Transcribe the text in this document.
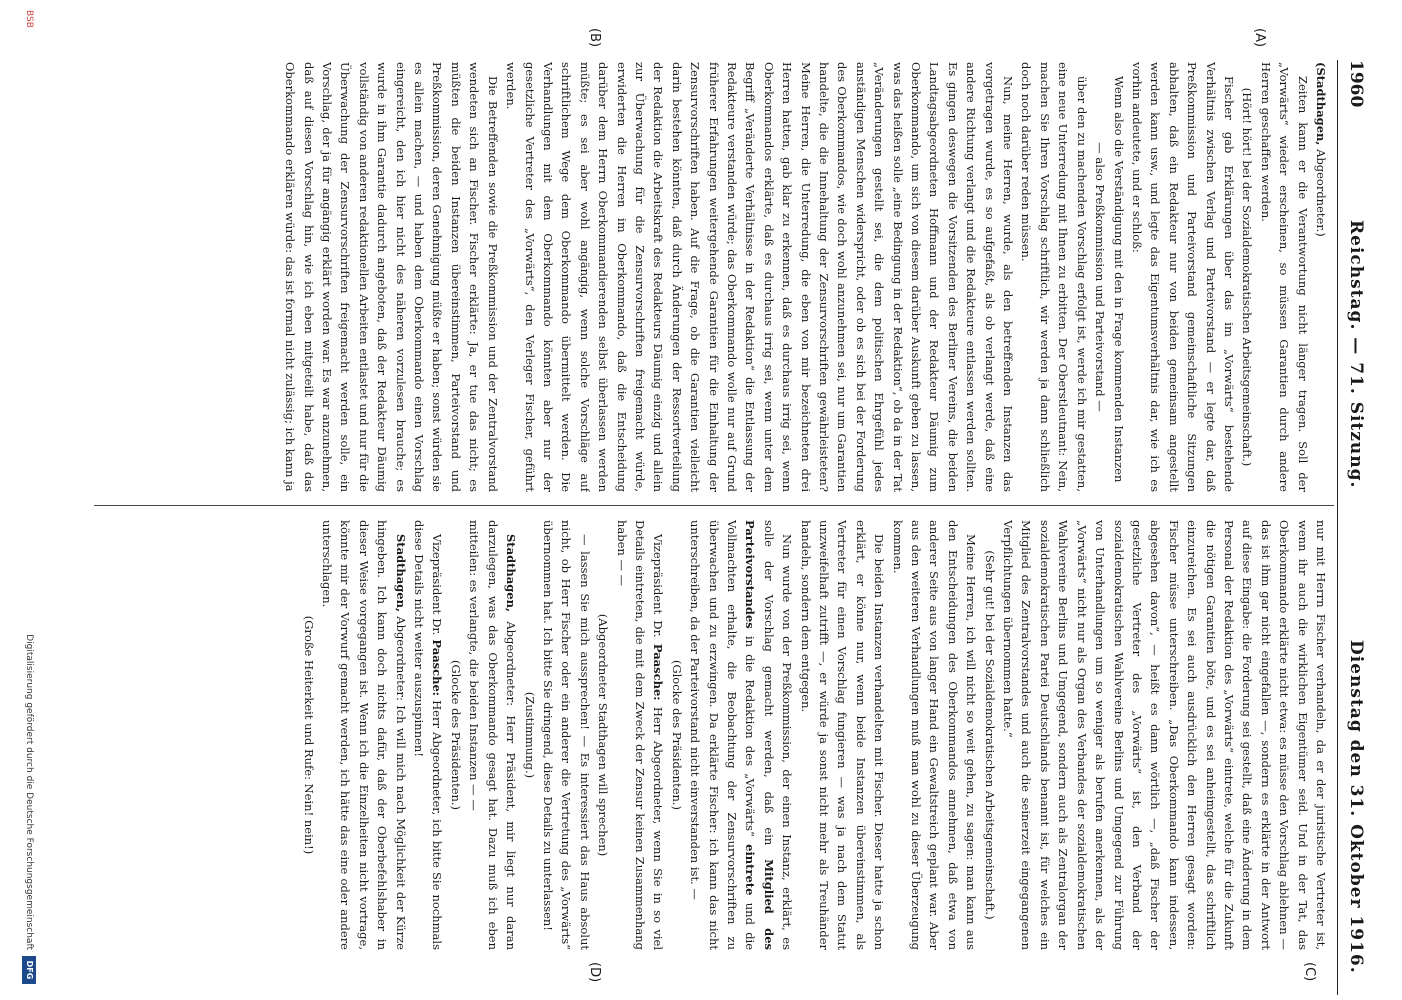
1960
Reichstag. — 71. Sitzung.
Dienstag den 31. Oktober 1916.
(A)
(B)
(C)
(D)

(Stadthagen, Abgeordneter.)

Zeiten kann er die Verantwortung nicht länger tragen. Soll der „Vorwärts“ wieder erscheinen, so müssen Garantien durch andere Herren geschaffen werden.

(Hört! hört! bei der Sozialdemokratischen Arbeitsgemeinschaft.)

Fischer gab Erklärungen über das im „Vorwärts“ bestehende Verhältnis zwischen Verlag und Parteivorstand — er legte dar, daß Preßkommission und Parteivorstand gemeinschaftliche Sitzungen abhalten, daß ein Redakteur nur von beiden gemeinsam angestellt werden kann usw., und legte das Eigentumsverhältnis dar, wie ich es vorhin andeutete, und er schloß:

Wenn also die Verständigung mit den in Frage kommenden Instanzen

— also Preßkommission und Parteivorstand —

über den zu machenden Vorschlag erfolgt ist, werde ich mir gestatten, eine neue Unterredung mit Ihnen zu erbitten. Der Oberstleutnant: Nein, machen Sie Ihren Vorschlag schriftlich, wir werden ja dann schließlich doch noch darüber reden müssen.

Nun, meine Herren, wurde, als den betreffenden Instanzen das vorgetragen wurde, es so aufgefaßt, als ob verlangt werde, daß eine andere Richtung verlangt und die Redakteure entlassen werden sollten. Es gingen deswegen die Vorsitzenden des Berliner Vereins, die beiden Landtagsabgeordneten Hoffmann und der Redakteur Däumig zum Oberkommando, um sich von diesem darüber Auskunft geben zu lassen, was das heißen solle „eine Bedingung in der Redaktion“, ob da in der Tat „Veränderungen gestellt sei, die dem politischen Ehrgefühl jedes anständigen Menschen widerspricht, oder ob es sich bei der Forderung des Oberkommandos, wie doch wohl anzunehmen sei, nur um Garantien handelte, die die Innehaltung der Zensurvorschriften gewährleisteten? Meine Herren, die Unterredung, die eben von mir bezeichneten drei Herren hatten, gab klar zu erkennen, daß es durchaus irrig sei, wenn Oberkommandos erklärte, daß es durchaus irrig sei, wenn unter dem Begriff „Veränderte Verhältnisse in der Redaktion“ die Entlassung der Redakteure verstanden würde; das Oberkommando wolle nur auf Grund früherer Erfahrungen weitergehende Garantien für die Einhaltung der Zensurvorschriften haben. Auf die Frage, ob die Garantien vielleicht darin bestehen könnten, daß durch Änderungen der Ressortverteilung der Redaktion die Arbeitskraft des Redakteurs Däumig einzig und allein zur Überwachung für die Zensurvorschriften freigemacht würde, erwiderten die Herren im Oberkommando, daß die Entscheidung darüber dem Herrn Oberkommandierenden selbst überlassen werden müßte; es sei aber wohl angängig, wenn solche Vorschläge auf schriftlichem Wege dem Oberkommando übermittelt werden. Die Verhandlungen mit dem Oberkommando könnten aber nur der gesetzliche Vertreter des „Vorwärts“, den Verleger Fischer, geführt werden.

Die Betreffenden sowie die Preßkommission und der Zentralvorstand wendeten sich an Fischer. Fischer erklärte: Ja, er tue das nicht; es müßten die beiden Instanzen übereinstimmen, Parteivorstand und Preßkommission, deren Genehmigung müßte er haben; sonst würden sie es allein machen, — und haben dem Oberkommando einen Vorschlag eingereicht, den ich hier nicht des näheren vorzulesen brauche; es wurde in ihm Garantie dadurch angeboten, daß der Redakteur Däumig vollständig von anderen redaktionellen Arbeiten entlastet und nur für die Überwachung der Zensurvorschriften freigemacht werden solle, ein Vorschlag, der ja für angängig erklärt worden war. Es war anzunehmen, daß auf diesen Vorschlag hin, wie ich eben mitgeteilt habe, daß das Oberkommando erklären würde: das ist formal nicht zulässig; ich kann ja

nur mit Herrn Fischer verhandeln, da er der juristische Vertreter ist, wenn ihr auch die wirklichen Eigentümer seid. Und in der Tat, das Oberkommando erklärte nicht etwa: es müsse den Vorschlag ablehnen — das ist ihm gar nicht eingefallen —, sondern es erklärte in der Antwort auf diese Eingabe: die Forderung sei gestellt, daß eine Änderung in dem Personal der Redaktion des „Vorwärts“ eintrete, welche für die Zukunft die nötigen Garantien böte, und es sei anheimgestellt, das schriftlich einzureichen. Es sei auch ausdrücklich den Herren gesagt worden: Fischer müsse unterschreiben. „Das Oberkommando kann indessen, abgesehen davon“, — heißt es dann wörtlich —, „daß Fischer der gesetzliche Vertreter des „Vorwärts“ ist, den Verband der sozialdemokratischen Wahlvereine Berlins und Umgegend zur Führung von Unterhandlungen um so weniger als berufen anerkennen, als der „Vorwärts“ nicht nur als Organ des Verbandes der sozialdemokratischen Wahlvereine Berlins und Umgegend, sondern auch als Zentralorgan der sozialdemokratischen Partei Deutschlands benannt ist, für welches ein Mitglied des Zentralvorstandes und auch die seinerzeit eingegangenen Verpflichtungen übernommen hatte.“

(Sehr gut! bei der Sozialdemokratischen Arbeitsgemeinschaft.)

Meine Herren, ich will nicht so weit gehen, zu sagen: man kann aus den Entscheidungen des Oberkommandos annehmen, daß etwa von anderer Seite aus von langer Hand ein Gewaltstreich geplant war. Aber aus den weiteren Verhandlungen muß man wohl zu dieser Überzeugung kommen.

Die beiden Instanzen verhandelten mit Fischer. Dieser hatte ja schon erklärt, er könne nur, wenn beide Instanzen übereinstimmen, als Vertreter für einen Vorschlag fungieren — was ja nach dem Statut unzweifelhaft zutrifft —, er würde ja sonst nicht mehr als Treuhänder handeln, sondern dem entgegen.

Nun wurde von der Preßkommission, der einen Instanz, erklärt, es solle der Vorschlag gemacht werden, daß ein Mitglied des Parteivorstandes in die Redaktion des „Vorwärts“ eintrete und die Vollmachten erhalte, die Beobachtung der Zensurvorschriften zu überwachen und zu erzwingen. Da erklärte Fischer: ich kann das nicht unterschreiben, da der Parteivorstand nicht einverstanden ist. —

(Glocke des Präsidenten.)

Vizepräsident Dr. Paasche: Herr Abgeordneter, wenn Sie in so viel Details eintreten, die mit dem Zweck der Zensur keinen Zusammenhang haben — —

(Abgeordneter Stadthagen will sprechen)

— lassen Sie mich aussprechen! — Es interessiert das Haus absolut nicht, ob Herr Fischer oder ein anderer die Vertretung des „Vorwärts“ übernommen hat. Ich bitte Sie dringend, diese Details zu unterlassen!

(Zustimmung.)

Stadthagen, Abgeordneter: Herr Präsident, mir liegt nur daran darzulegen, was das Oberkommando gesagt hat. Dazu muß ich eben mitteilen: es verlangte, die beiden Instanzen — —

(Glocke des Präsidenten.)

Vizepräsident Dr. Paasche: Herr Abgeordneter, ich bitte Sie nochmals diese Details nicht weiter auszuspinnen!

Stadthagen, Abgeordneter: Ich will mich nach Möglichkeit der Kürze hingeben. Ich kann doch nichts dafür, daß der Oberbefehlshaber in dieser Weise vorgegangen ist. Wenn ich die Einzelheiten nicht vortrage, könnte mir der Vorwurf gemacht werden, ich hätte das eine oder andere unterschlagen.

(Große Heiterkeit und Rufe: Nein! nein!)

BSB
Digitalisierung gefördert durch die Deutsche Forschungsgemeinschaft
DFG
